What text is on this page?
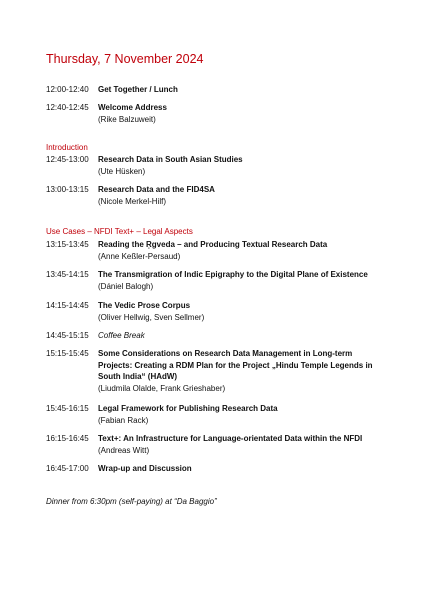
Thursday, 7 November 2024
12:00-12:40	Get Together / Lunch
12:40-12:45	Welcome Address
(Rike Balzuweit)
Introduction
12:45-13:00	Research Data in South Asian Studies
(Ute Hüsken)
13:00-13:15	Research Data and the FID4SA
(Nicole Merkel-Hilf)
Use Cases – NFDI Text+ – Legal Aspects
13:15-13:45	Reading the Ṛgveda – and Producing Textual Research Data
(Anne Keßler-Persaud)
13:45-14:15	The Transmigration of Indic Epigraphy to the Digital Plane of Existence
(Dániel Balogh)
14:15-14:45	The Vedic Prose Corpus
(Oliver Hellwig, Sven Sellmer)
14:45-15:15	Coffee Break
15:15-15:45	Some Considerations on Research Data Management in Long-term Projects: Creating a RDM Plan for the Project „Hindu Temple Legends in South India“ (HAdW)
(Liudmila Olalde, Frank Grieshaber)
15:45-16:15	Legal Framework for Publishing Research Data
(Fabian Rack)
16:15-16:45	Text+: An Infrastructure for Language-orientated Data within the NFDI
(Andreas Witt)
16:45-17:00	Wrap-up and Discussion
Dinner from 6:30pm (self-paying) at “Da Baggio”
